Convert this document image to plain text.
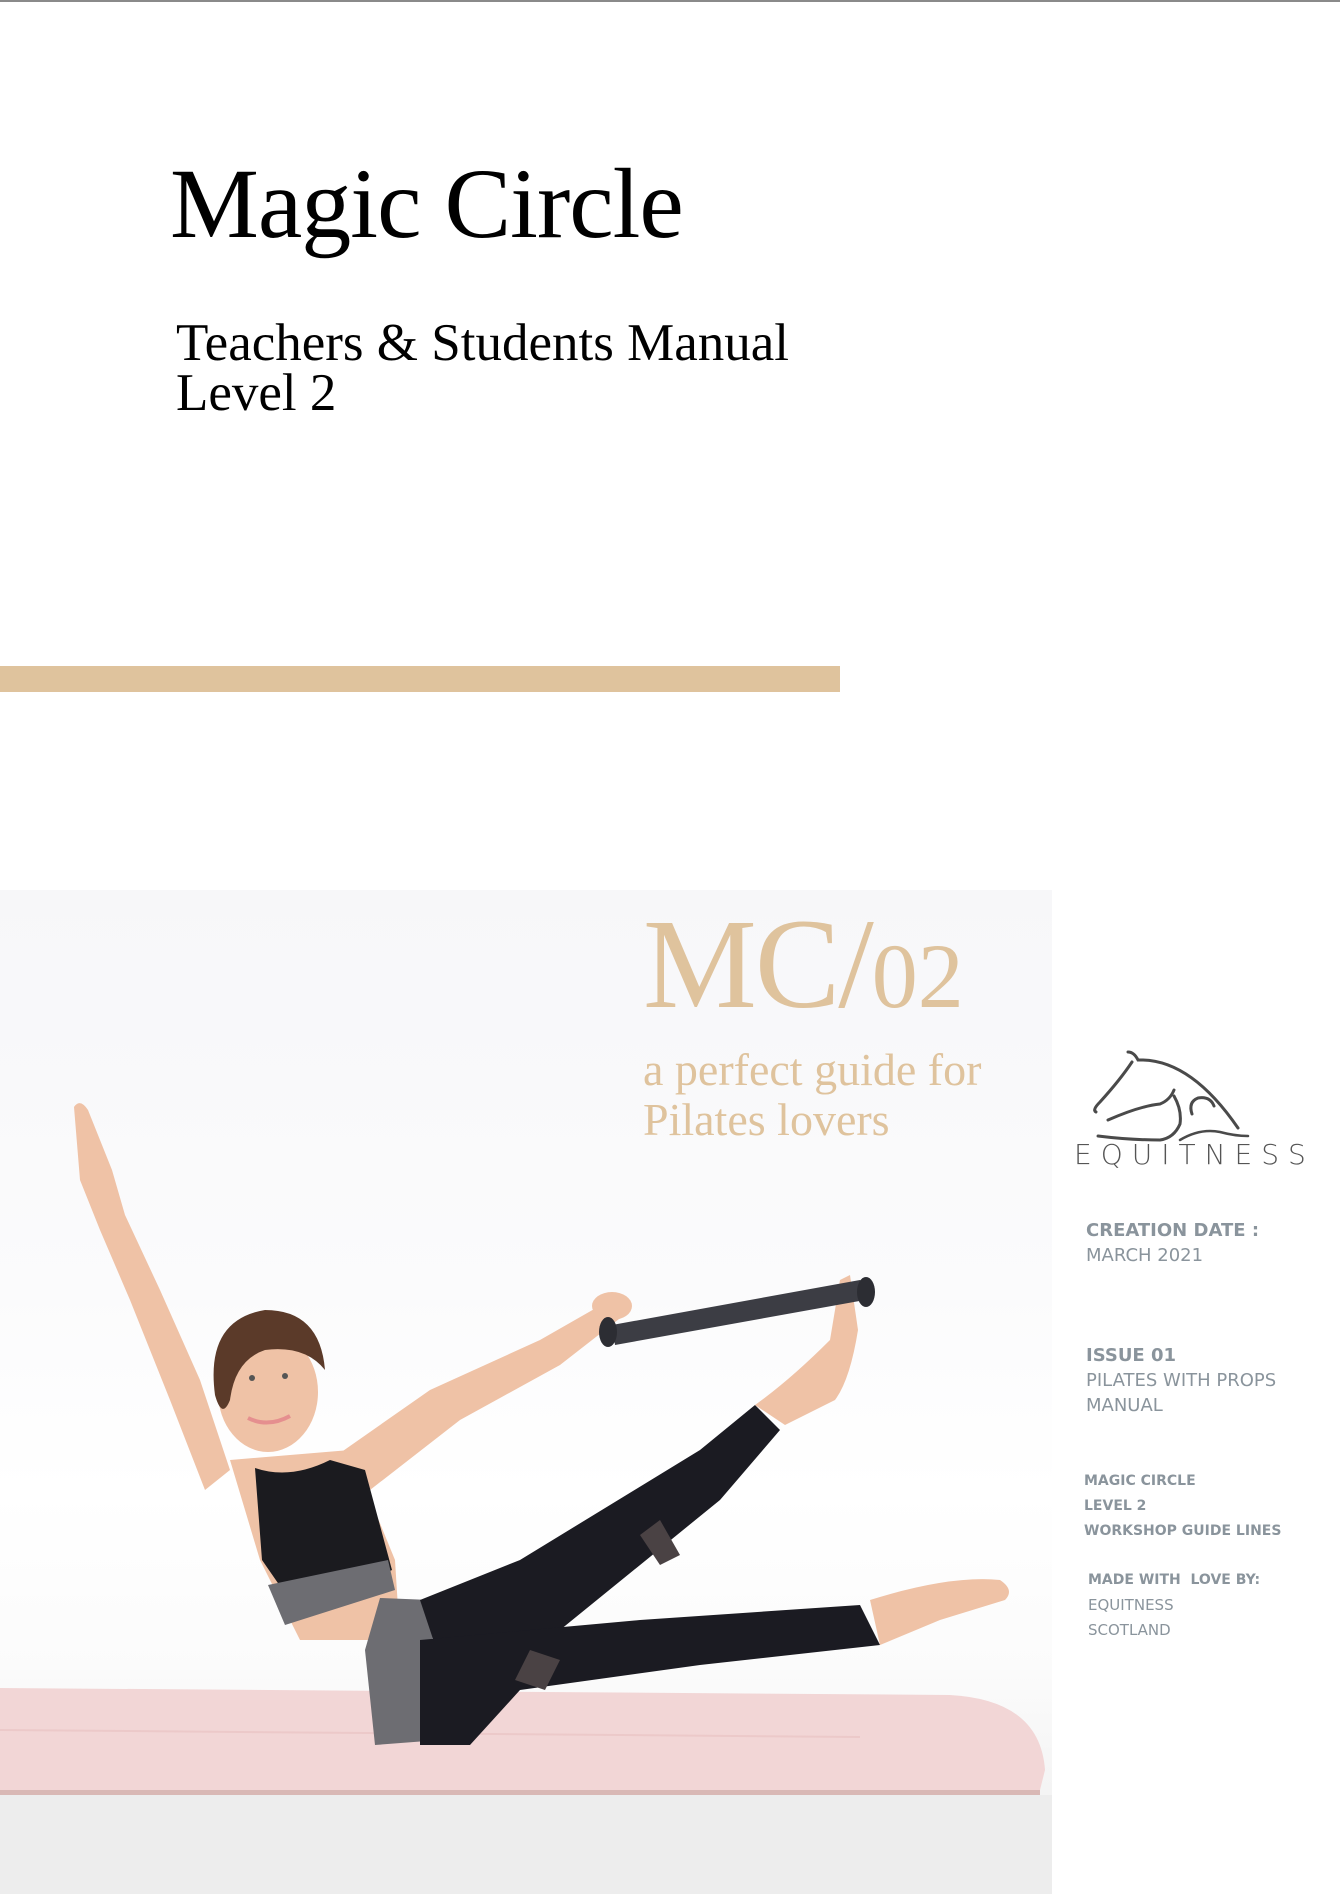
Magic Circle
Teachers & Students Manual
Level 2

MC/02

a perfect guide for
Pilates lovers

EQUITNESS

CREATION DATE :
MARCH 2021
ISSUE 01
PILATES WITH PROPS
MANUAL
MAGIC CIRCLE
LEVEL 2
WORKSHOP GUIDE LINES
MADE WITH  LOVE BY:
EQUITNESS
SCOTLAND
